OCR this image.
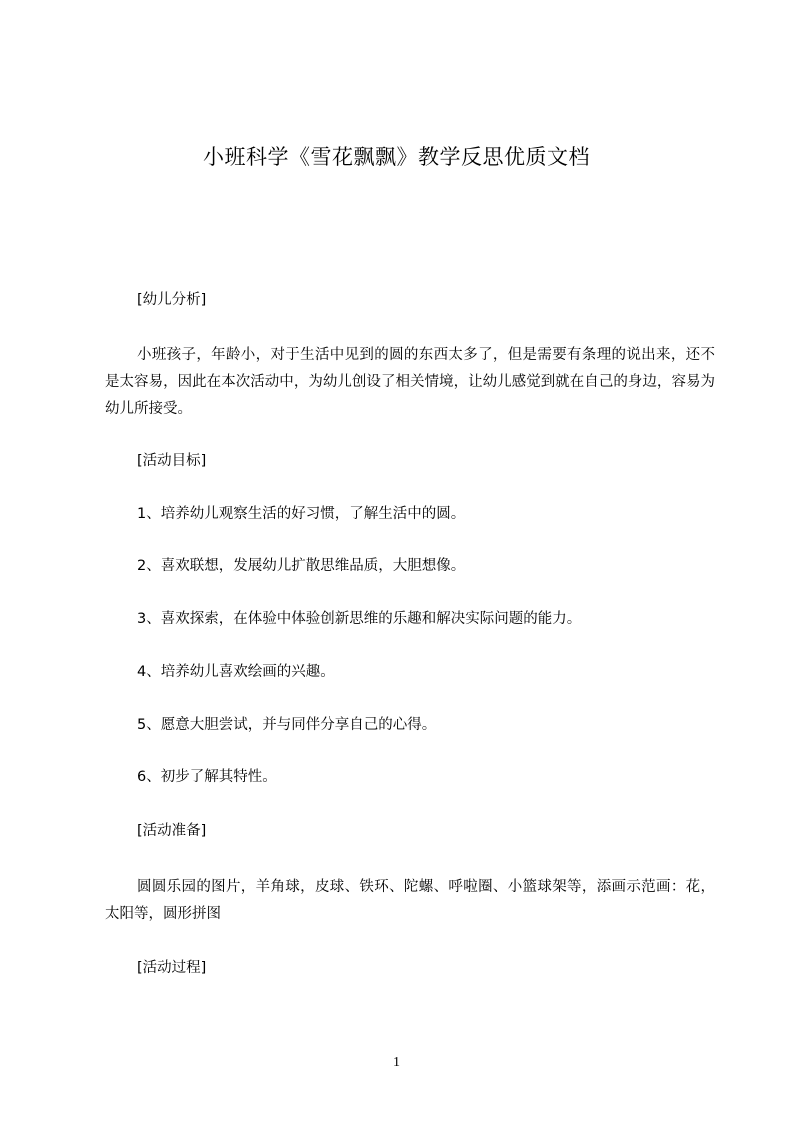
小班科学《雪花飘飘》教学反思优质文档
[幼儿分析]
小班孩子，年龄小，对于生活中见到的圆的东西太多了，但是需要有条理的说出来，还不是太容易，因此在本次活动中，为幼儿创设了相关情境，让幼儿感觉到就在自己的身边，容易为幼儿所接受。
[活动目标]
1、培养幼儿观察生活的好习惯，了解生活中的圆。
2、喜欢联想，发展幼儿扩散思维品质，大胆想像。
3、喜欢探索，在体验中体验创新思维的乐趣和解决实际问题的能力。
4、培养幼儿喜欢绘画的兴趣。
5、愿意大胆尝试，并与同伴分享自己的心得。
6、初步了解其特性。
[活动准备]
圆圆乐园的图片，羊角球，皮球、铁环、陀螺、呼啦圈、小篮球架等，添画示范画：花，太阳等，圆形拼图
[活动过程]
1
